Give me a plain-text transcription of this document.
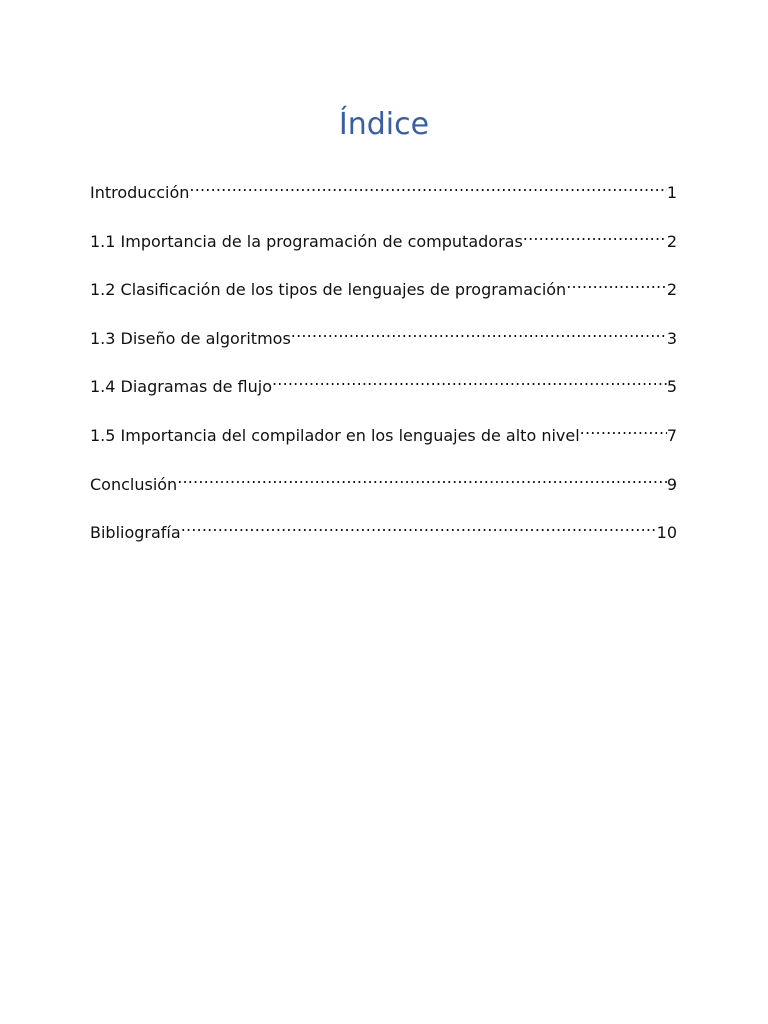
Índice
Introducción .....	1
1.1 Importancia de la programación de computadoras .....	2
1.2 Clasificación de los tipos de lenguajes de programación .....	2
1.3 Diseño de algoritmos .....	3
1.4 Diagramas de flujo .....	5
1.5 Importancia del compilador en los lenguajes de alto nivel .....	7
Conclusión .....	9
Bibliografía .....	10
